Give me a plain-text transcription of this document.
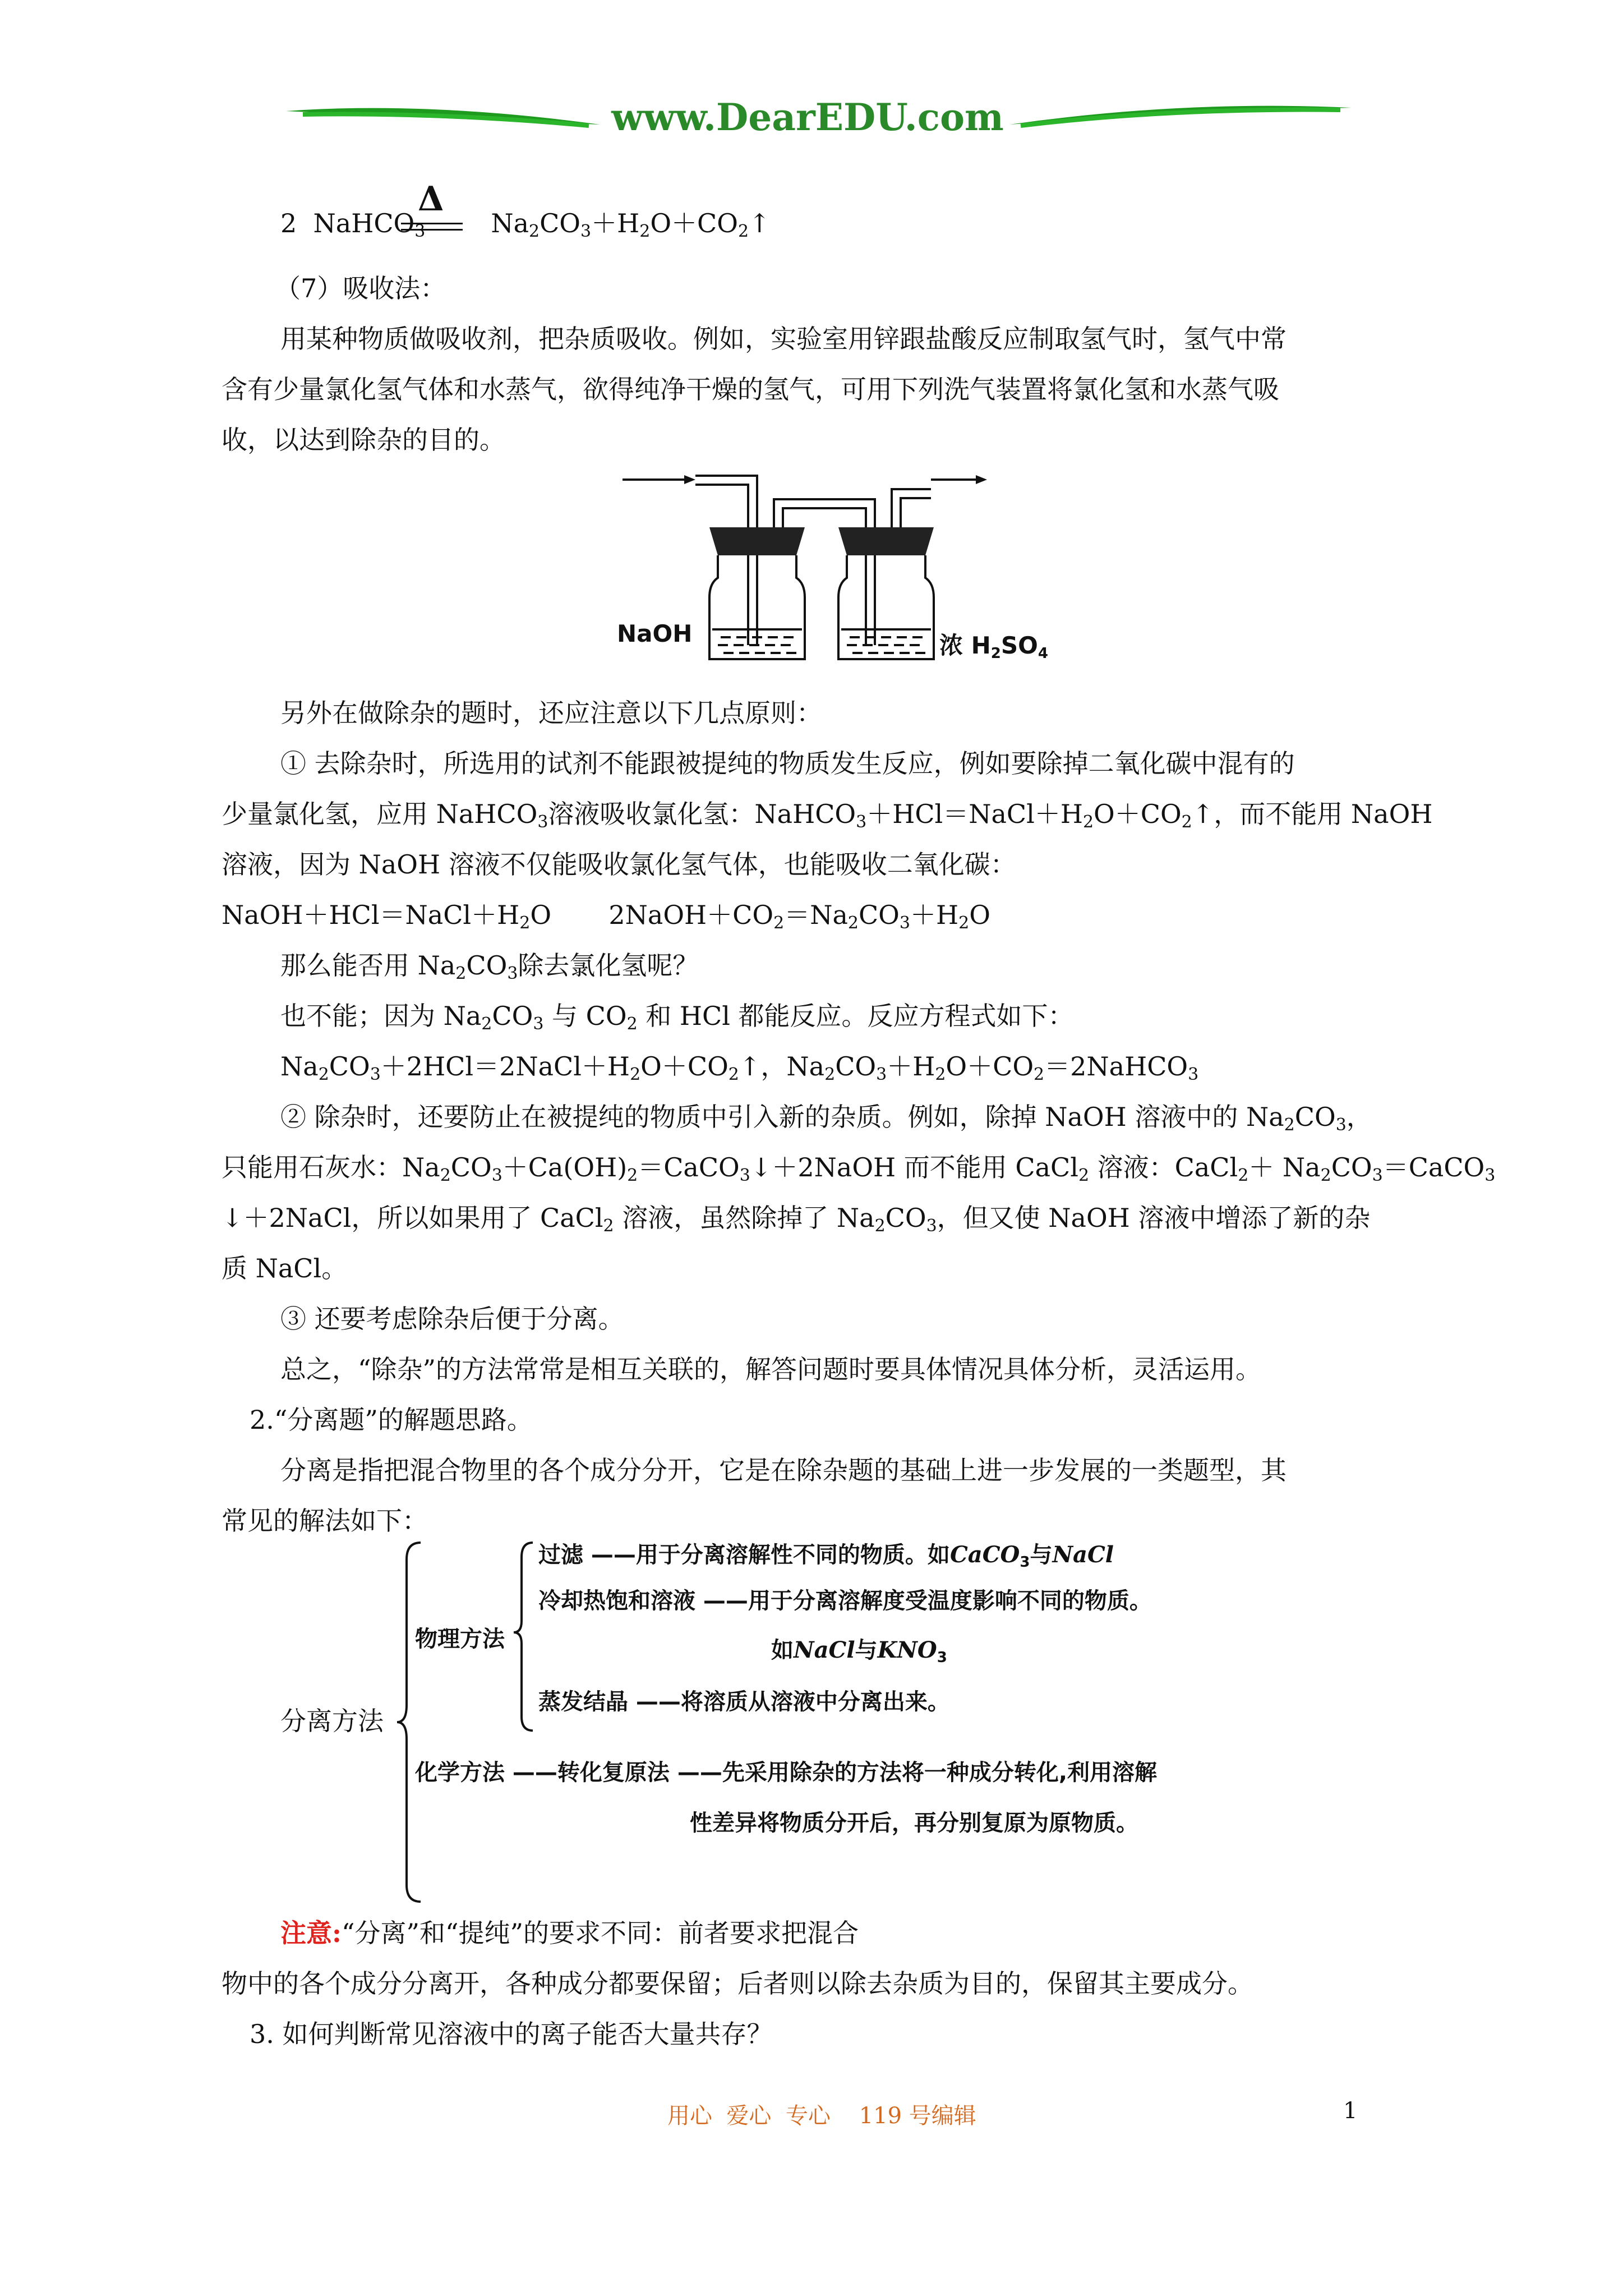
www.DearEDU.com
2 NaHCO$_3$	$Na_2CO_3+H_2O+CO_2↑$
Δ
（7）吸收法：
用某种物质做吸收剂，把杂质吸收。例如，实验室用锌跟盐酸反应制取氢气时，氢气中常
含有少量氯化氢气体和水蒸气，欲得纯净干燥的氢气，可用下列洗气装置将氯化氢和水蒸气吸
收，以达到除杂的目的。
NaOH	浓 $H_2SO_4$
另外在做除杂的题时，还应注意以下几点原则：
① 去除杂时，所选用的试剂不能跟被提纯的物质发生反应，例如要除掉二氧化碳中混有的
少量氯化氢，应用 NaHCO$_3$溶液吸收氯化氢：$NaHCO_3+HCl=NaCl+H_2O+CO_2↑$，而不能用 NaOH
溶液，因为 NaOH 溶液不仅能吸收氯化氢气体，也能吸收二氧化碳：
$NaOH+HCl=NaCl+H_2O$ $2NaOH+CO_2=Na_2CO_3+H_2O$
那么能否用 $Na_2CO_3$除去氯化氢呢？
也不能；因为 $Na_2CO_3$ 与 $CO_2$ 和 HCl 都能反应。反应方程式如下：
$Na_2CO_3+2HCl=2NaCl+H_2O+CO_2↑$，$Na_2CO_3+H_2O+CO_2=2NaHCO_3$
② 除杂时，还要防止在被提纯的物质中引入新的杂质。例如，除掉 NaOH 溶液中的 $Na_2CO_3$，
只能用石灰水：$Na_2CO_3+Ca(OH)_2=CaCO_3↓+2NaOH$ 而不能用 CaCl$_2$ 溶液：CaCl$_2$＋ $Na_2CO_3=CaCO_3$
↓＋2NaCl，所以如果用了 CaCl$_2$ 溶液，虽然除掉了 $Na_2CO_3$，但又使 NaOH 溶液中增添了新的杂
质 NaCl。
③ 还要考虑除杂后便于分离。
总之，“除杂”的方法常常是相互关联的，解答问题时要具体情况具体分析，灵活运用。
2.“分离题”的解题思路。
分离是指把混合物里的各个成分分开，它是在除杂题的基础上进一步发展的一类题型，其
常见的解法如下：
分离方法
物理方法
过滤 ——用于分离溶解性不同的物质。如CaCO$_3$与NaCl
冷却热饱和溶液 ——用于分离溶解度受温度影响不同的物质。
如NaCl与$KNO_3$
蒸发结晶 ——将溶质从溶液中分离出来。
化学方法 ——转化复原法 ——先采用除杂的方法将一种成分转化,利用溶解
性差异将物质分开后，再分别复原为原物质。
注意:“分离”和“提纯”的要求不同：前者要求把混合
物中的各个成分分离开，各种成分都要保留；后者则以除去杂质为目的，保留其主要成分。
3. 如何判断常见溶液中的离子能否大量共存？
用心  爱心  专心    119 号编辑	1
